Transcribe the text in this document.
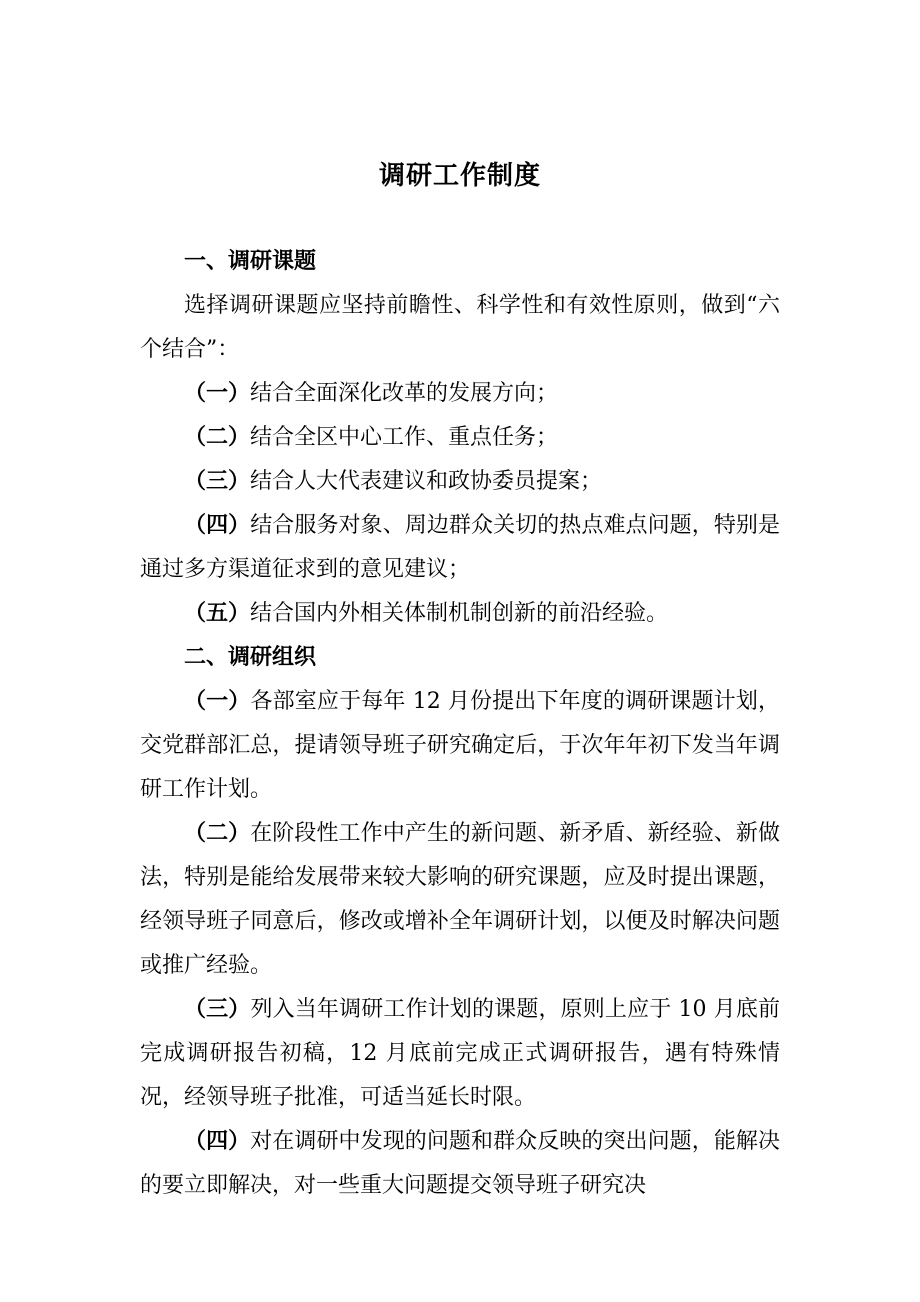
调研工作制度

一、调研课题

选择调研课题应坚持前瞻性、科学性和有效性原则，做到“六个结合”：

（一）结合全面深化改革的发展方向；

（二）结合全区中心工作、重点任务；

（三）结合人大代表建议和政协委员提案；

（四）结合服务对象、周边群众关切的热点难点问题，特别是通过多方渠道征求到的意见建议；

（五）结合国内外相关体制机制创新的前沿经验。

二、调研组织

（一）各部室应于每年 12 月份提出下年度的调研课题计划，交党群部汇总，提请领导班子研究确定后，于次年年初下发当年调研工作计划。

（二）在阶段性工作中产生的新问题、新矛盾、新经验、新做法，特别是能给发展带来较大影响的研究课题，应及时提出课题，经领导班子同意后，修改或增补全年调研计划，以便及时解决问题或推广经验。

（三）列入当年调研工作计划的课题，原则上应于 10 月底前完成调研报告初稿，12 月底前完成正式调研报告，遇有特殊情况，经领导班子批准，可适当延长时限。

（四）对在调研中发现的问题和群众反映的突出问题，能解决的要立即解决，对一些重大问题提交领导班子研究决
